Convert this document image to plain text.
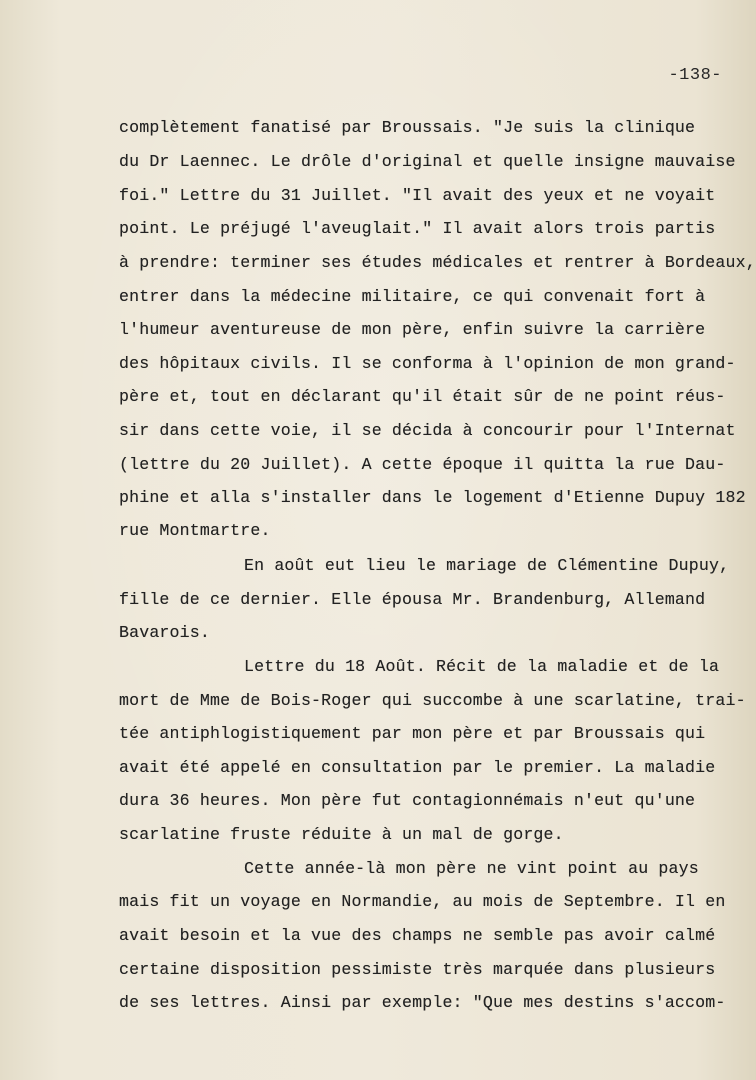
-138-
complètement fanatisé par Broussais. "Je suis la clinique
du Dr Laennec. Le drôle d'original et quelle insigne mauvaise
foi." Lettre du 31 Juillet. "Il avait des yeux et ne voyait
point. Le préjugé l'aveuglait." Il avait alors trois partis
à prendre: terminer ses études médicales et rentrer à Bordeaux,
entrer dans la médecine militaire, ce qui convenait fort à
l'humeur aventureuse de mon père, enfin suivre la carrière
des hôpitaux civils. Il se conforma à l'opinion de mon grand-
père et, tout en déclarant qu'il était sûr de ne point réus-
sir dans cette voie, il se décida à concourir pour l'Internat
(lettre du 20 Juillet). A cette époque il quitta la rue Dau-
phine et alla s'installer dans le logement d'Etienne Dupuy 182
rue Montmartre.
En août eut lieu le mariage de Clémentine Dupuy,
fille de ce dernier. Elle épousa Mr. Brandenburg, Allemand
Bavarois.
Lettre du 18 Août. Récit de la maladie et de la
mort de Mme de Bois-Roger qui succombe à une scarlatine, trai-
tée antiphlogistiquement par mon père et par Broussais qui
avait été appelé en consultation par le premier. La maladie
dura 36 heures. Mon père fut contagionnémais n'eut qu'une
scarlatine fruste réduite à un mal de gorge.
Cette année-là mon père ne vint point au pays
mais fit un voyage en Normandie, au mois de Septembre. Il en
avait besoin et la vue des champs ne semble pas avoir calmé
certaine disposition pessimiste très marquée dans plusieurs
de ses lettres. Ainsi par exemple: "Que mes destins s'accom-
